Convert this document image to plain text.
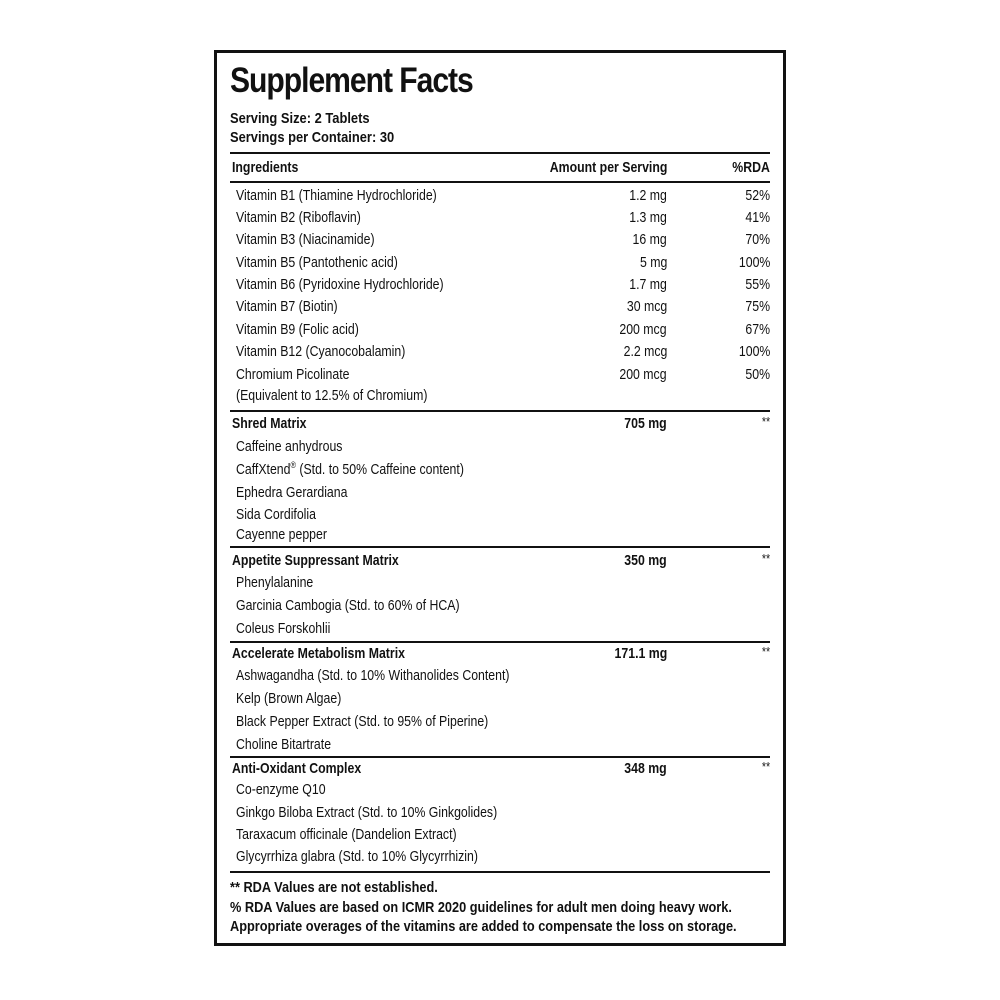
Supplement Facts
Serving Size: 2 Tablets
Servings per Container: 30
Ingredients	Amount per Serving	%RDA
Vitamin B1 (Thiamine Hydrochloride)	1.2 mg	52%
Vitamin B2 (Riboflavin)	1.3 mg	41%
Vitamin B3 (Niacinamide)	16 mg	70%
Vitamin B5 (Pantothenic acid)	5 mg	100%
Vitamin B6 (Pyridoxine Hydrochloride)	1.7 mg	55%
Vitamin B7 (Biotin)	30 mcg	75%
Vitamin B9 (Folic acid)	200 mcg	67%
Vitamin B12 (Cyanocobalamin)	2.2 mcg	100%
Chromium Picolinate	200 mcg	50%
(Equivalent to 12.5% of Chromium)
Shred Matrix	705 mg	**
Caffeine anhydrous
CaffXtend® (Std. to 50% Caffeine content)
Ephedra Gerardiana
Sida Cordifolia
Cayenne pepper
Appetite Suppressant Matrix	350 mg	**
Phenylalanine
Garcinia Cambogia (Std. to 60% of HCA)
Coleus Forskohlii
Accelerate Metabolism Matrix	171.1 mg	**
Ashwagandha (Std. to 10% Withanolides Content)
Kelp (Brown Algae)
Black Pepper Extract (Std. to 95% of Piperine)
Choline Bitartrate
Anti-Oxidant Complex	348 mg	**
Co-enzyme Q10
Ginkgo Biloba Extract (Std. to 10% Ginkgolides)
Taraxacum officinale (Dandelion Extract)
Glycyrrhiza glabra (Std. to 10% Glycyrrhizin)
** RDA Values are not established.
% RDA Values are based on ICMR 2020 guidelines for adult men doing heavy work.
Appropriate overages of the vitamins are added to compensate the loss on storage.
